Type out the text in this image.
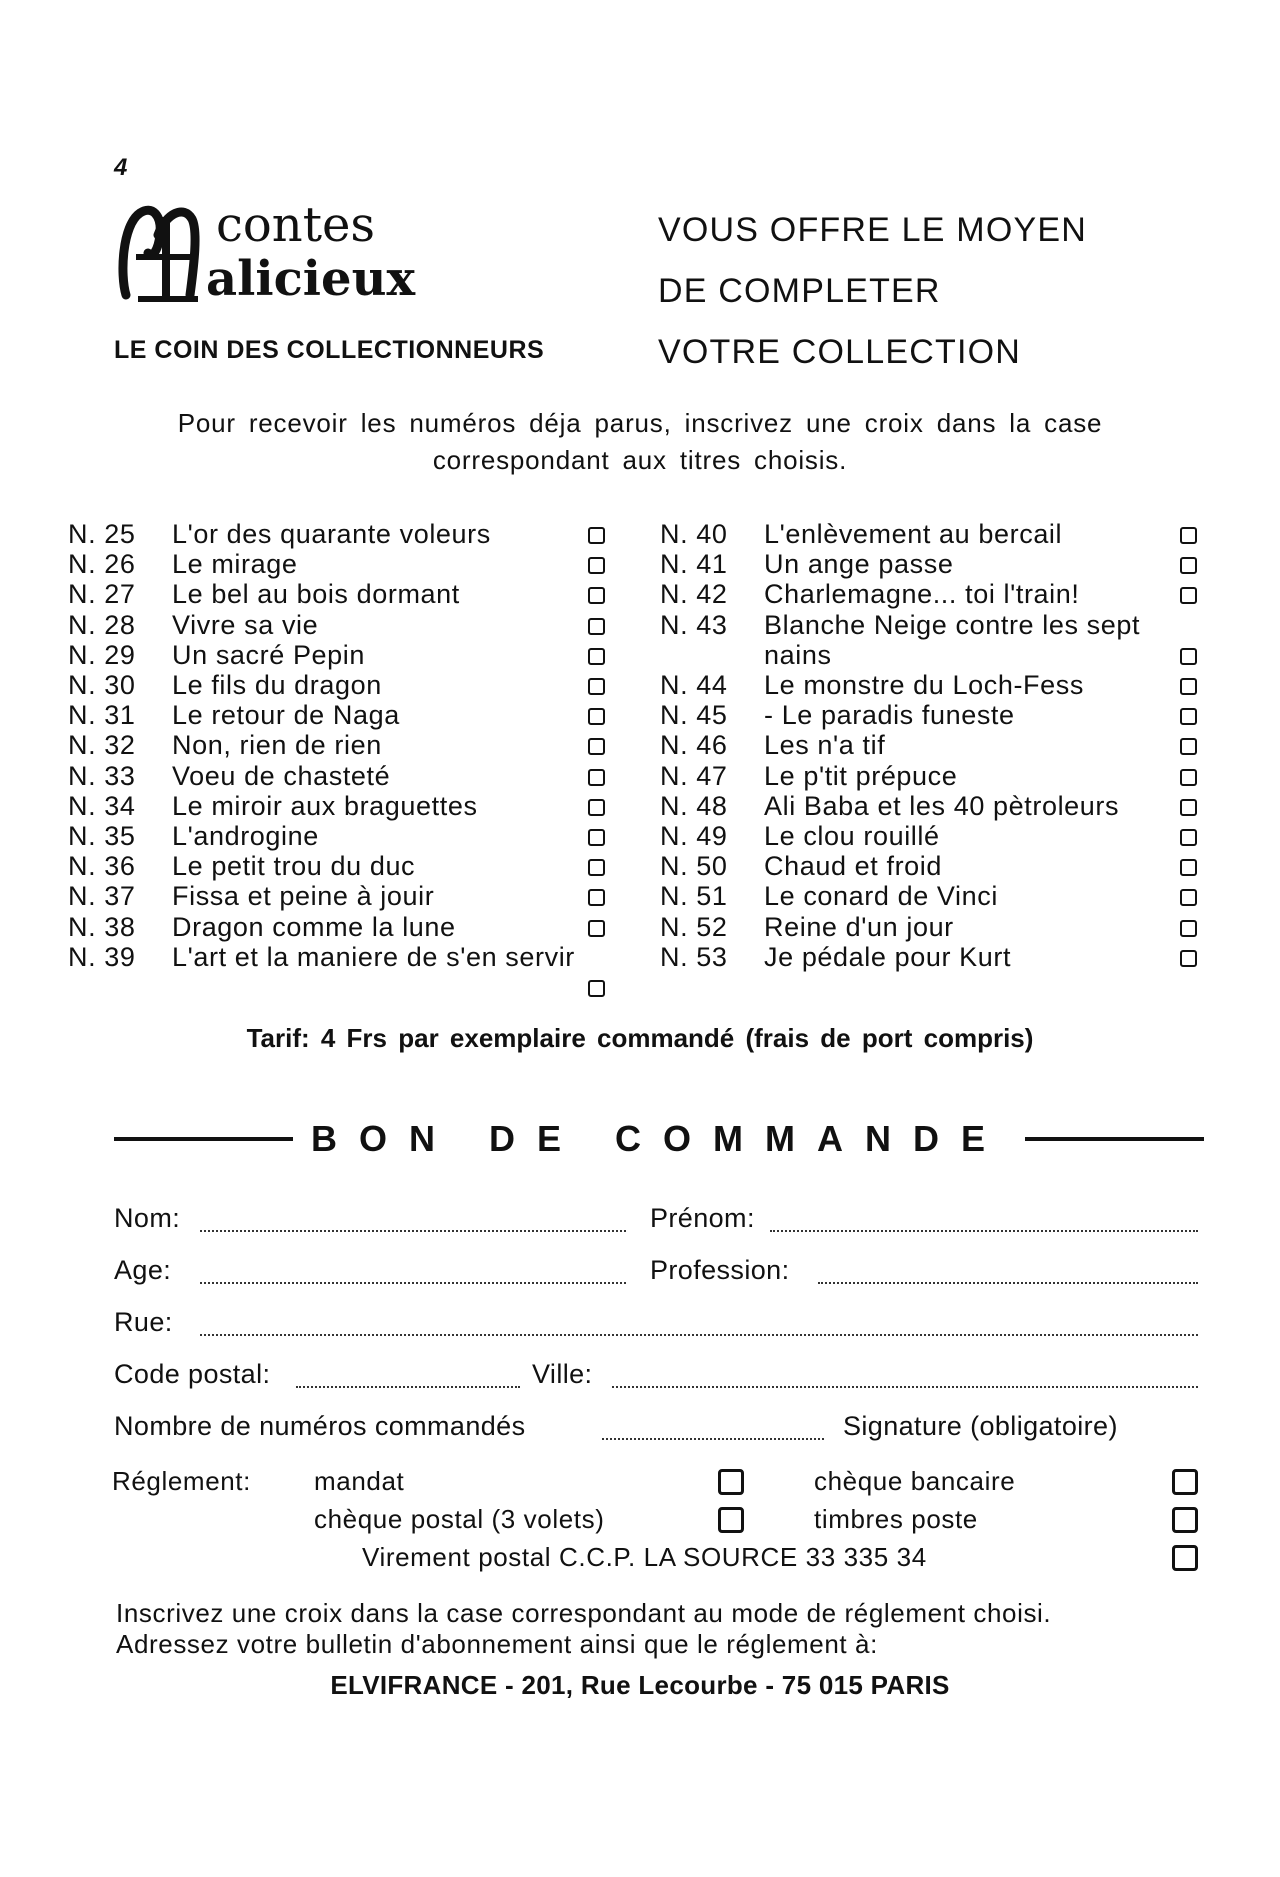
4
contes
alicieux
LE COIN DES COLLECTIONNEURS
VOUS OFFRE LE MOYEN
DE COMPLETER
VOTRE COLLECTION
Pour recevoir les numéros déja parus, inscrivez une croix dans la case correspondant aux titres choisis.
N. 25	L'or des quarante voleurs
N. 26	Le mirage
N. 27	Le bel au bois dormant
N. 28	Vivre sa vie
N. 29	Un sacré Pepin
N. 30	Le fils du dragon
N. 31	Le retour de Naga
N. 32	Non, rien de rien
N. 33	Voeu de chasteté
N. 34	Le miroir aux braguettes
N. 35	L'androgine
N. 36	Le petit trou du duc
N. 37	Fissa et peine à jouir
N. 38	Dragon comme la lune
N. 39	L'art et la maniere de s'en servir
N. 40	L'enlèvement au bercail
N. 41	Un ange passe
N. 42	Charlemagne... toi l'train!
N. 43	Blanche Neige contre les sept nains
N. 44	Le monstre du Loch-Fess
N. 45	- Le paradis funeste
N. 46	Les n'a tif
N. 47	Le p'tit prépuce
N. 48	Ali Baba et les 40 pètroleurs
N. 49	Le clou rouillé
N. 50	Chaud et froid
N. 51	Le conard de Vinci
N. 52	Reine d'un jour
N. 53	Je pédale pour Kurt
Tarif: 4 Frs par exemplaire commandé (frais de port compris)
BON DE COMMANDE
Nom:	Prénom:
Age:	Profession:
Rue:
Code postal:	Ville:
Nombre de numéros commandés	Signature (obligatoire)
Réglement: mandat	chèque bancaire
chèque postal (3 volets)	timbres poste
Virement postal C.C.P. LA SOURCE 33 335 34
Inscrivez une croix dans la case correspondant au mode de réglement choisi.
Adressez votre bulletin d'abonnement ainsi que le réglement à:
ELVIFRANCE - 201, Rue Lecourbe - 75 015 PARIS
